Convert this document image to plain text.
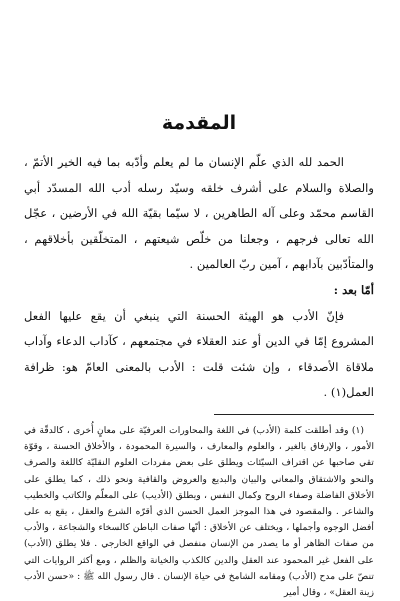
المقدمة

الحمد لله الذي علّم الإنسان ما لم يعلم وأدّبه بما فيه الخير الأتمّ ، والصلاة والسلام على أشرف خلقه وسيّد رسله أدب الله المسدّد أبي القاسم محمّد وعلى آله الطاهرين ، لا سيّما بقيّة الله في الأرضين ، عجّل الله تعالى فرجهم ، وجعلنا من خلّص شيعتهم ، المتخلّقين بأخلاقهم ، والمتأدّبين بآدابهم ، آمين ربّ العالمين .

أمّا بعد :

فإنّ الأدب هو الهيئة الحسنة التي ينبغي أن يقع عليها الفعل المشروع إمّا في الدين أو عند العقلاء في مجتمعهم ، كآداب الدعاء وآداب ملاقاة الأصدقاء ، وإن شئت قلت : الأدب بالمعنى العامّ هو: ظرافة العمل(١) .

(١) وقد أطلقت كلمة (الأدب) في اللغة والمحاورات العرفيّة على معانٍ أُخرى ، كالدقّة في الأمور ، والإرفاق بالغير ، والعلوم والمعارف ، والسيرة المحمودة ، والأخلاق الحسنة ، وقوّة تقي صاحبها عن اقتراف السيّئات ويطلق على بعض مفردات العلوم النقليّة كاللغة والصرف والنحو والاشتقاق والمعاني والبيان والبديع والعروض والقافية ونحو ذلك ، كما يطلق على الأخلاق الفاضلة وصفاء الروح وكمال النفس ، ويطلق (الأديب) على المعلّم والكاتب والخطيب والشاعر . والمقصود في هذا الموجز العمل الحسن الذي أقرّه الشرع والعقل ، يقع به على أفضل الوجوه وأجملها ، ويختلف عن الأخلاق : أنّها صفات الباطن كالسخاء والشجاعة ، والأدب من صفات الظاهر أو ما يصدر من الإنسان منفصل في الواقع الخارجي . فلا يطلق (الأدب) على الفعل غير المحمود عند العقل والدين كالكذب والخيانة والظلم ، ومع أكثر الروايات التي تنصّ على مدح (الأدب) ومقامه الشامخ في حياة الإنسان . قال رسول الله ﷺ : «حسن الأدب زينة العقل» ، وقال أمير
